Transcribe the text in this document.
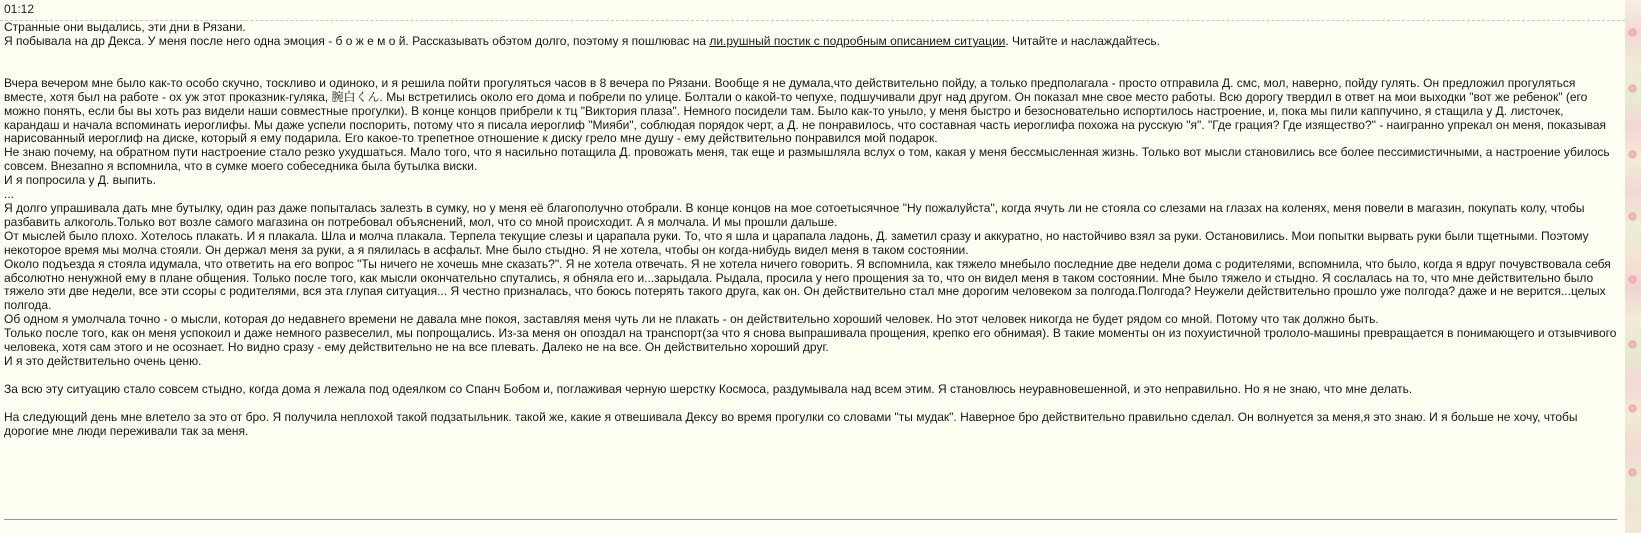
01:12
Странные они выдались, эти дни в Рязани.
Я побывала на др Декса. У меня после него одна эмоция - б о ж е м о й. Рассказывать обэтом долго, поэтому я пошлюваc на ли.рушный постик с подробным описанием ситуации. Читайте и наслаждайтесь.
Вчера вечером мне было как-то особо скучно, тоскливо и одиноко, и я решила пойти прогуляться часов в 8 вечера по Рязани. Вообще я не думала,что действительно пойду, а только предполагала - просто отправила Д. смс, мол, наверно, пойду гулять. Он предложил прогуляться вместе, хотя был на работе - ох уж этот проказник-гуляка, 腕白くん. Мы встретились около его дома и побрели по улице. Болтали о какой-то чепухе, подшучивали друг над другом. Он показал мне свое место работы. Всю дорогу твердил в ответ на мои выходки "вот же ребенок" (его можно понять, если бы вы хоть раз видели наши совместные прогулки). В конце концов прибрели к тц "Виктория плаза". Немного посидели там. Было как-то уныло, у меня быстро и безосновательно испортилось настроение, и, пока мы пили каппучино, я стащила у Д. листочек, карандаш и начала вспоминать иероглифы. Мы даже успели поспорить, потому что я писала иероглиф "Мияби", соблюдая порядок черт, а Д. не понравилось, что составная часть иероглифа похожа на русскую "я". "Где грация? Где изящество?" - наигранно упрекал он меня, показывая нарисованный иероглиф на диске, который я ему подарила. Его какое-то трепетное отношение к диску грело мне душу - ему действительно понравился мой подарок.
Не знаю почему, на обратном пути настроение стало резко ухудшаться. Мало того, что я насильно потащила Д. провожать меня, так еще и размышляла вслух о том, какая у меня бессмысленная жизнь. Только вот мысли становились все более пессимистичными, а настроение убилось совсем. Внезапно я вспомнила, что в сумке моего собеседника была бутылка виски.
И я попросила у Д. выпить.
...
Я долго упрашивала дать мне бутылку, один раз даже попыталась залезть в сумку, но у меня её благополучно отобрали. В конце концов на мое сотоетысячное "Ну пожалуйста", когда ячуть ли не стояла со слезами на глазах на коленях, меня повели в магазин, покупать колу, чтобы разбавить алкоголь.Только вот возле самого магазина он потребовал объяснений, мол, что со мной происходит. А я молчала. И мы прошли дальше.
От мыслей было плохо. Хотелось плакать. И я плакала. Шла и молча плакала. Терпела текущие слезы и царапала руки. То, что я шла и царапала ладонь, Д. заметил сразу и аккуратно, но настойчиво взял за руки. Остановились. Мои попытки вырвать руки были тщетными. Поэтому некоторое время мы молча стояли. Он держал меня за руки, а я пялилась в асфальт. Мне было стыдно. Я не хотела, чтобы он когда-нибудь видел меня в таком состоянии.
Около подъезда я стояла идумала, что ответить на его вопрос "Ты ничего не хочешь мне сказать?". Я не хотела отвечать. Я не хотела ничего говорить. Я вспомнила, как тяжело мнебыло последние две недели дома с родителями, вспомнила, что было, когда я вдруг почувствовала себя абсолютно ненужной ему в плане общения. Только после того, как мысли окончательно спутались, я обняла его и...зарыдала. Рыдала, просила у него прощения за то, что он видел меня в таком состоянии. Мне было тяжело и стыдно. Я сослалась на то, что мне действительно было тяжело эти две недели, все эти ссоры с родителями, вся эта глупая ситуация... Я честно призналась, что боюсь потерять такого друга, как он. Он действительно стал мне дорогим человеком за полгода.Полгода? Неужели действительно прошло уже полгода? даже и не верится...целых полгода.
Об одном я умолчала точно - о мысли, которая до недавнего времени не давала мне покоя, заставляя меня чуть ли не плакать - он действительно хороший человек. Но этот человек никогда не будет рядом со мной. Потому что так должно быть.
Только после того, как он меня успокоил и даже немного развеселил, мы попрощались. Из-за меня он опоздал на транспорт(за что я снова выпрашивала прощения, крепко его обнимая). В такие моменты он из похуистичной трололо-машины превращается в понимающего и отзывчивого человека, хотя сам этого и не осознает. Но видно сразу - ему действительно не на все плевать. Далеко не на все. Он действительно хороший друг.
И я это действительно очень ценю.
За всю эту ситуацию стало совсем стыдно, когда дома я лежала под одеялком со Спанч Бобом и, поглаживая черную шерстку Космоса, раздумывала над всем этим. Я становлюсь неуравновешенной, и это неправильно. Но я не знаю, что мне делать.
На следующий день мне влетело за это от бро. Я получила неплохой такой подзатыльник. такой же, какие я отвешивала Дексу во время прогулки со словами "ты мудак". Наверное бро действительно правильно сделал. Он волнуется за меня,я это знаю. И я больше не хочу, чтобы дорогие мне люди переживали так за меня.
